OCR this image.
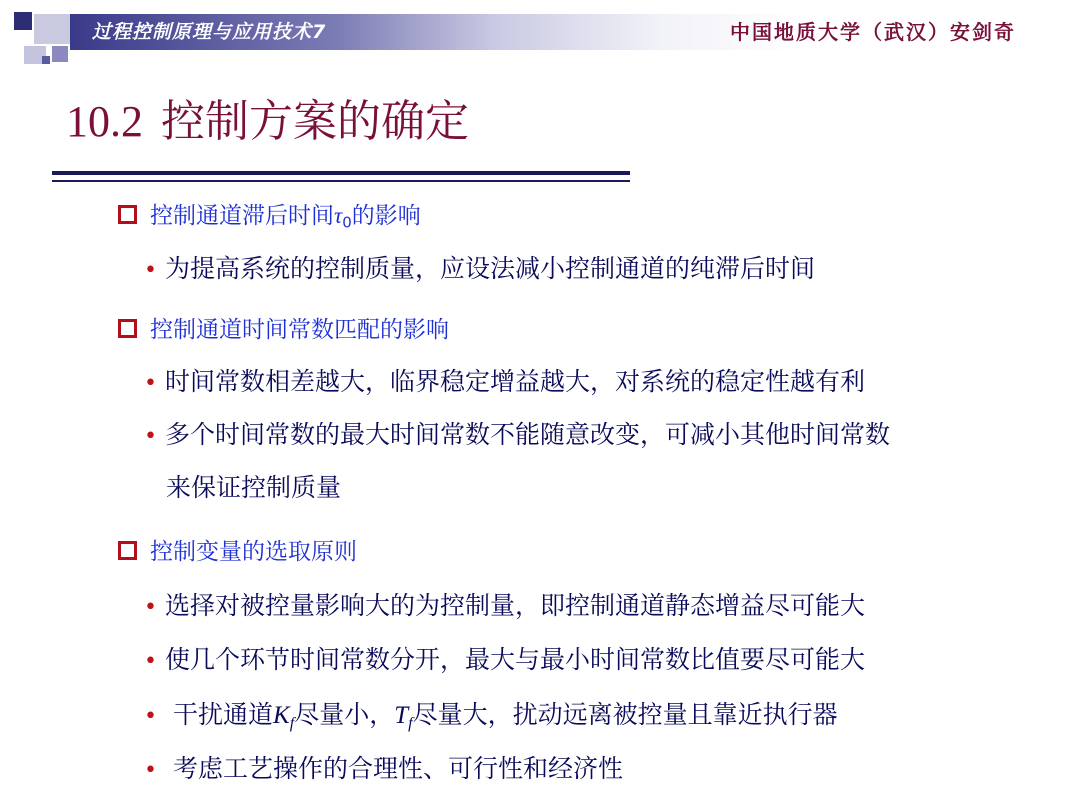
过程控制原理与应用技术7	中国地质大学（武汉）安剑奇
10.2 控制方案的确定
控制通道滞后时间$\tau_0$的影响
• 为提高系统的控制质量，应设法减小控制通道的纯滞后时间
控制通道时间常数匹配的影响
• 时间常数相差越大，临界稳定增益越大，对系统的稳定性越有利
• 多个时间常数的最大时间常数不能随意改变，可减小其他时间常数
来保证控制质量
控制变量的选取原则
• 选择对被控量影响大的为控制量，即控制通道静态增益尽可能大
• 使几个环节时间常数分开，最大与最小时间常数比值要尽可能大
• 干扰通道$K_f$尽量小，$T_f$尽量大，扰动远离被控量且靠近执行器
• 考虑工艺操作的合理性、可行性和经济性
